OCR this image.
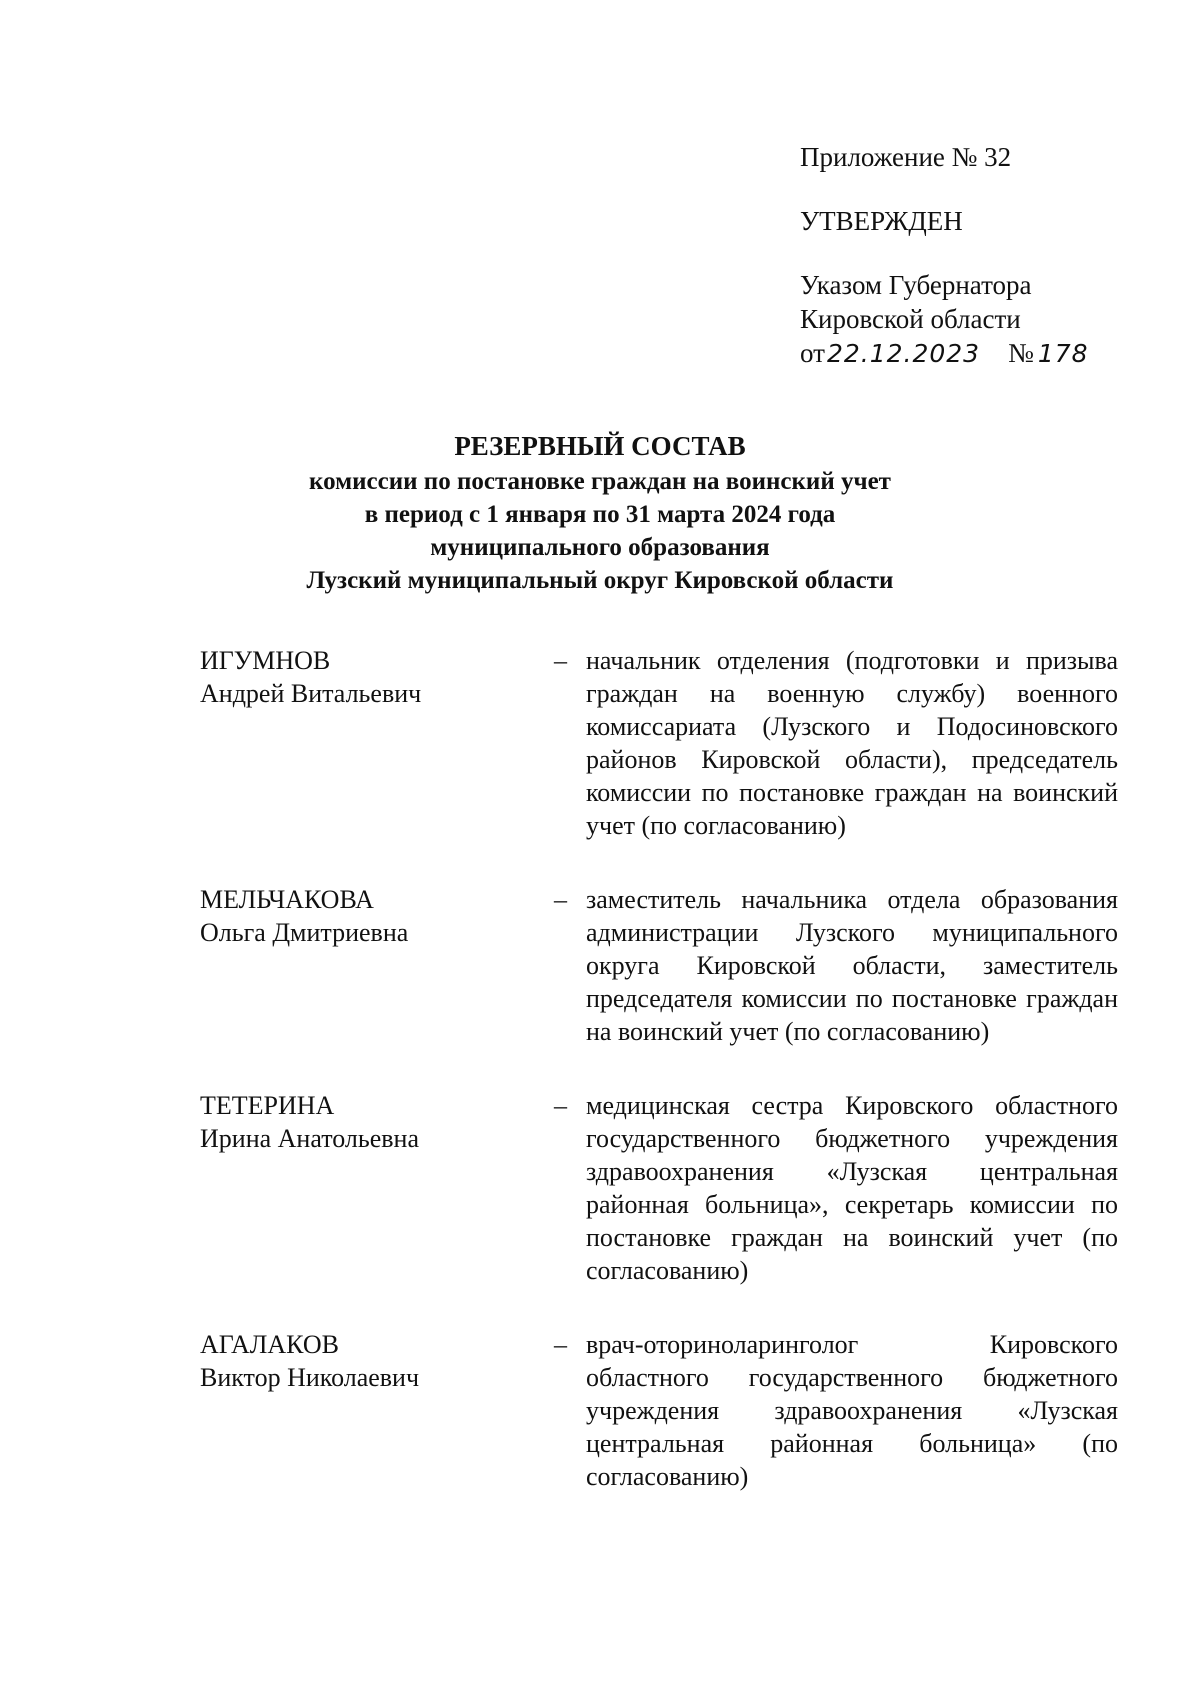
Приложение № 32
УТВЕРЖДЕН
Указом Губернатора
Кировской области
от22.12.2023 № 178
РЕЗЕРВНЫЙ СОСТАВ
комиссии по постановке граждан на воинский учет
в период с 1 января по 31 марта 2024 года
муниципального образования
Лузский муниципальный округ Кировской области
ИГУМНОВ
Андрей Витальевич
– начальник отделения (подготовки и призыва граждан на военную службу) военного комиссариата (Лузского и Подосиновского районов Кировской области), председатель комиссии по постановке граждан на воинский учет (по согласованию)
МЕЛЬЧАКОВА
Ольга Дмитриевна
– заместитель начальника отдела образования администрации Лузского муниципального округа Кировской области, заместитель председателя комиссии по постановке граждан на воинский учет (по согласованию)
ТЕТЕРИНА
Ирина Анатольевна
– медицинская сестра Кировского областного государственного бюджетного учреждения здравоохранения «Лузская центральная районная больница», секретарь комиссии по постановке граждан на воинский учет (по согласованию)
АГАЛАКОВ
Виктор Николаевич
– врач-оториноларинголог Кировского областного государственного бюджетного учреждения здравоохранения «Лузская центральная районная больница» (по согласованию)
